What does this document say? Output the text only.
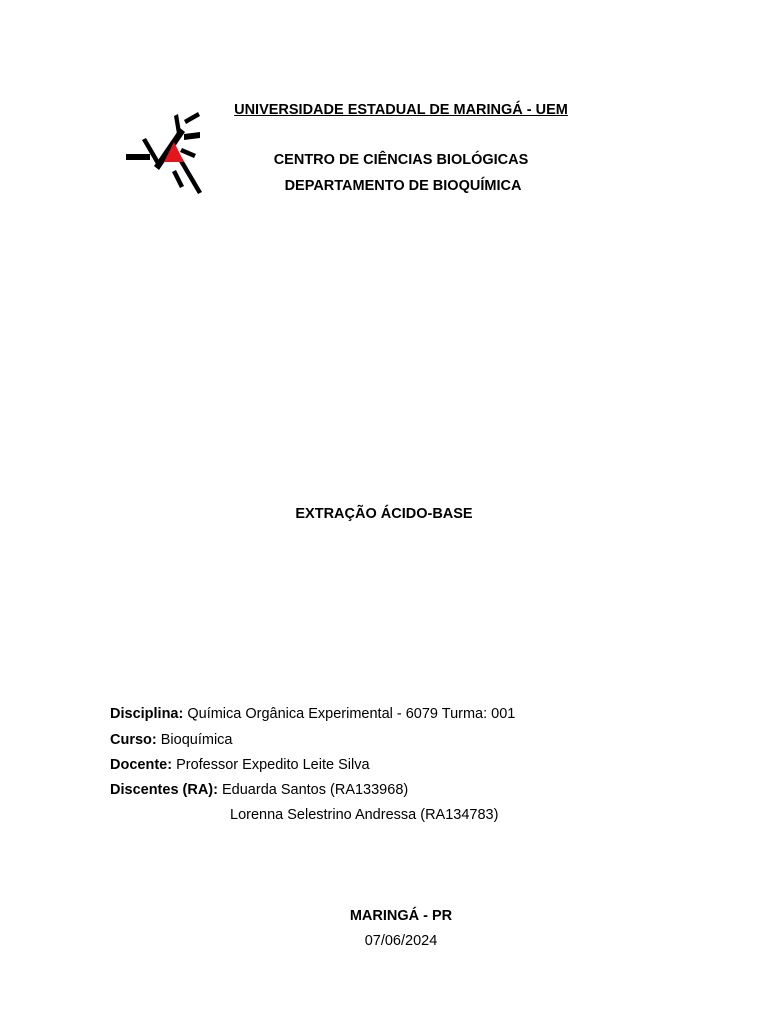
UNIVERSIDADE ESTADUAL DE MARINGÁ - UEM
CENTRO DE CIÊNCIAS BIOLÓGICAS
DEPARTAMENTO DE BIOQUÍMICA
EXTRAÇÃO ÁCIDO-BASE
Disciplina: Química Orgânica Experimental - 6079 Turma: 001
Curso: Bioquímica
Docente: Professor Expedito Leite Silva
Discentes (RA): Eduarda Santos (RA133968)
Lorenna Selestrino Andressa (RA134783)
MARINGÁ - PR
07/06/2024
